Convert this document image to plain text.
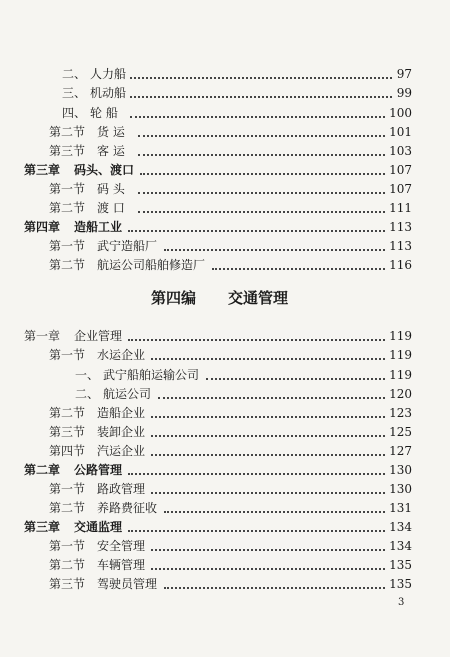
二、 人力船	97
三、 机动船	99
四、 轮 船	100
第二节 货 运	101
第三节 客 运	103
第三章 码头、渡口	107
第一节 码 头	107
第二节 渡 口	111
第四章 造船工业	113
第一节 武宁造船厂	113
第二节 航运公司船舶修造厂	116
第四编 交通管理
第一章 企业管理	119
第一节 水运企业	119
一、 武宁船舶运输公司	119
二、 航运公司	120
第二节 造船企业	123
第三节 装卸企业	125
第四节 汽运企业	127
第二章 公路管理	130
第一节 路政管理	130
第二节 养路费征收	131
第三章 交通监理	134
第一节 安全管理	134
第二节 车辆管理	135
第三节 驾驶员管理	135
3
